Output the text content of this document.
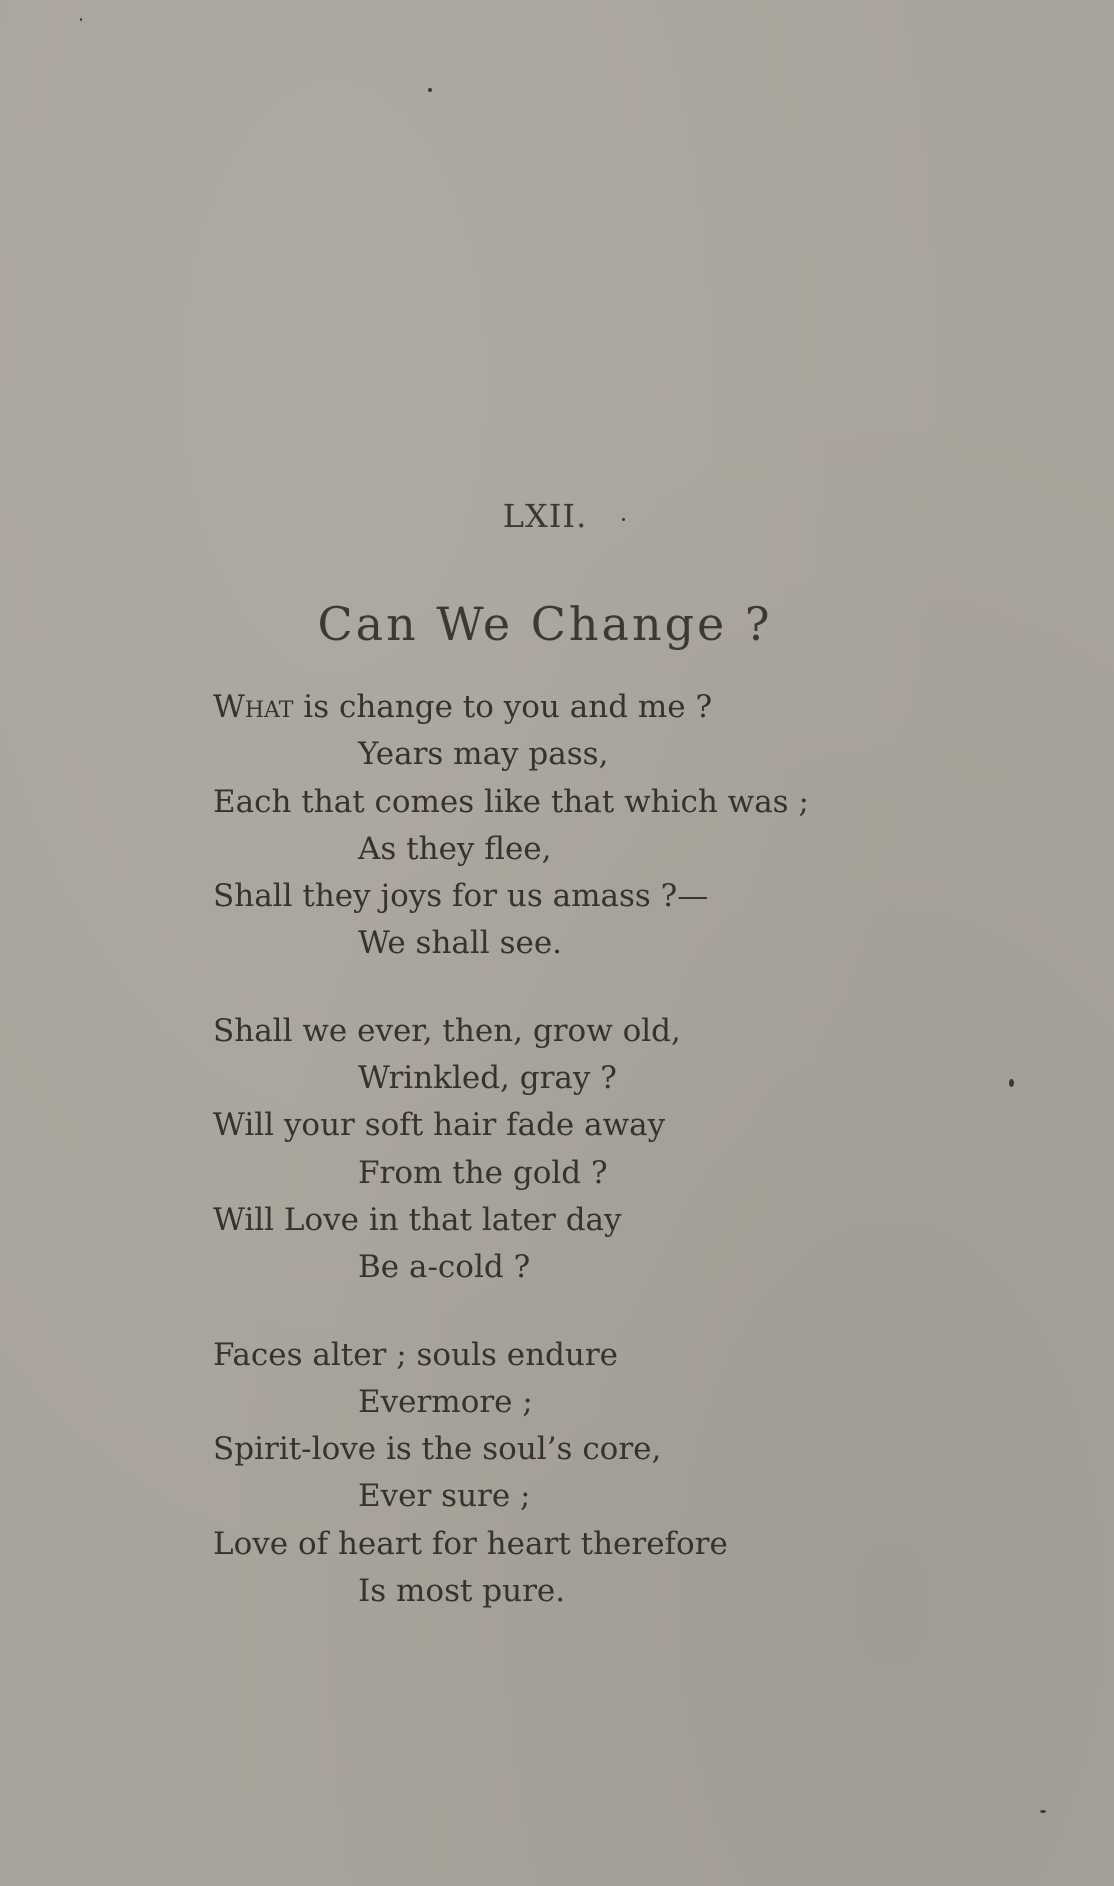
LXII.
Can We Change ?
What is change to you and me ?
Years may pass,
Each that comes like that which was ;
As they flee,
Shall they joys for us amass ?—
We shall see.
Shall we ever, then, grow old,
Wrinkled, gray ?
Will your soft hair fade away
From the gold ?
Will Love in that later day
Be a-cold ?
Faces alter ; souls endure
Evermore ;
Spirit-love is the soul’s core,
Ever sure ;
Love of heart for heart therefore
Is most pure.
